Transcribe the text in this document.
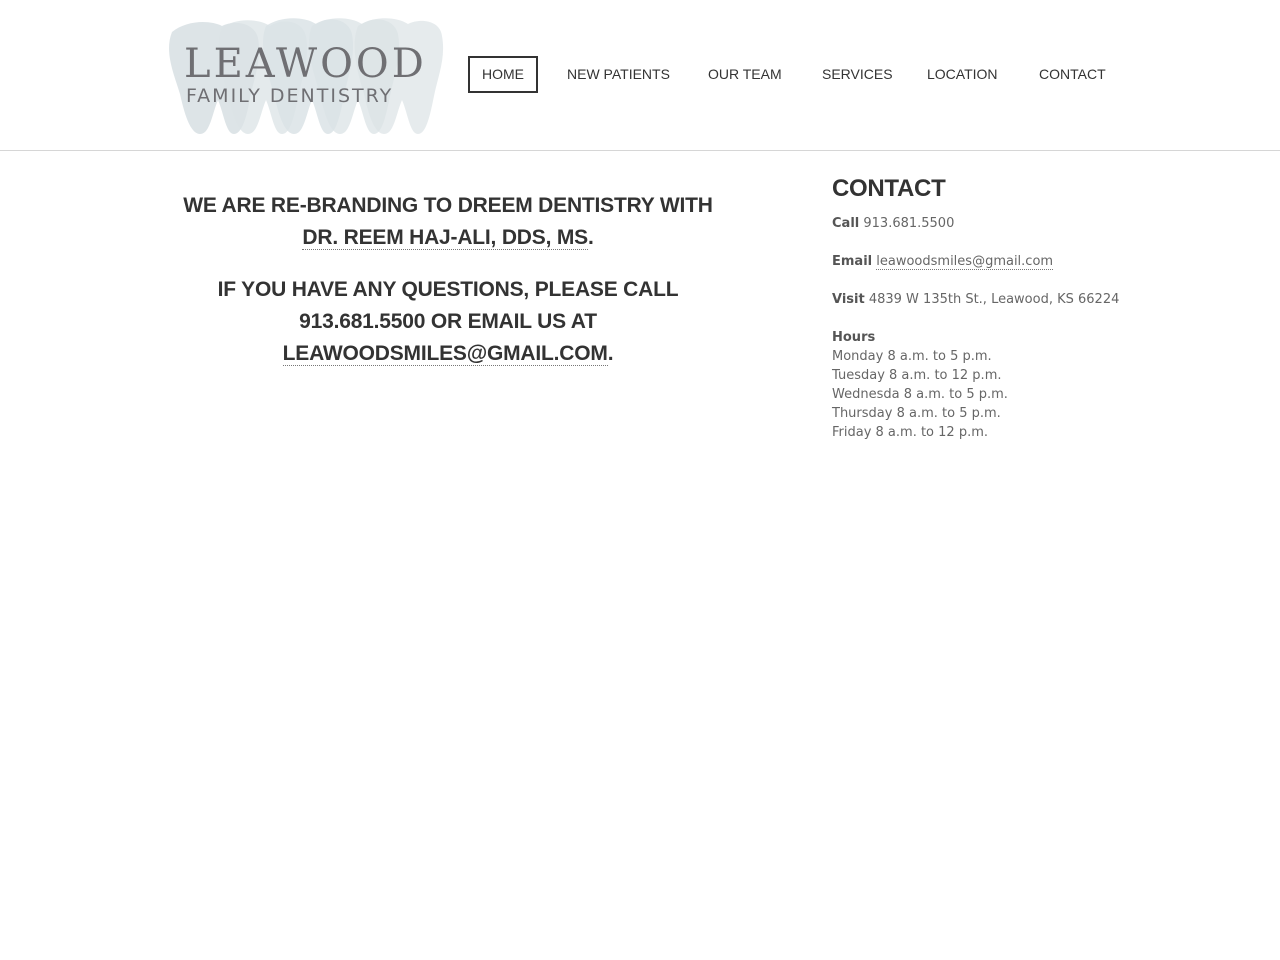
LEAWOOD
FAMILY DENTISTRY
HOME	NEW PATIENTS	OUR TEAM	SERVICES LOCATION	CONTACT
WE ARE RE-BRANDING TO DREEM DENTISTRY WITH
DR. REEM HAJ-ALI, DDS, MS.
IF YOU HAVE ANY QUESTIONS, PLEASE CALL 913.681.5500 OR EMAIL US AT
LEAWOODSMILES@GMAIL.COM.
CONTACT

Call 913.681.5500

Email leawoodsmiles@gmail.com

Visit 4839 W 135th St., Leawood, KS 66224

Hours

Monday 8 a.m. to 5 p.m.

Tuesday 8 a.m. to 12 p.m.

Wednesda 8 a.m. to 5 p.m.

Thursday 8 a.m. to 5 p.m.

Friday 8 a.m. to 12 p.m.
